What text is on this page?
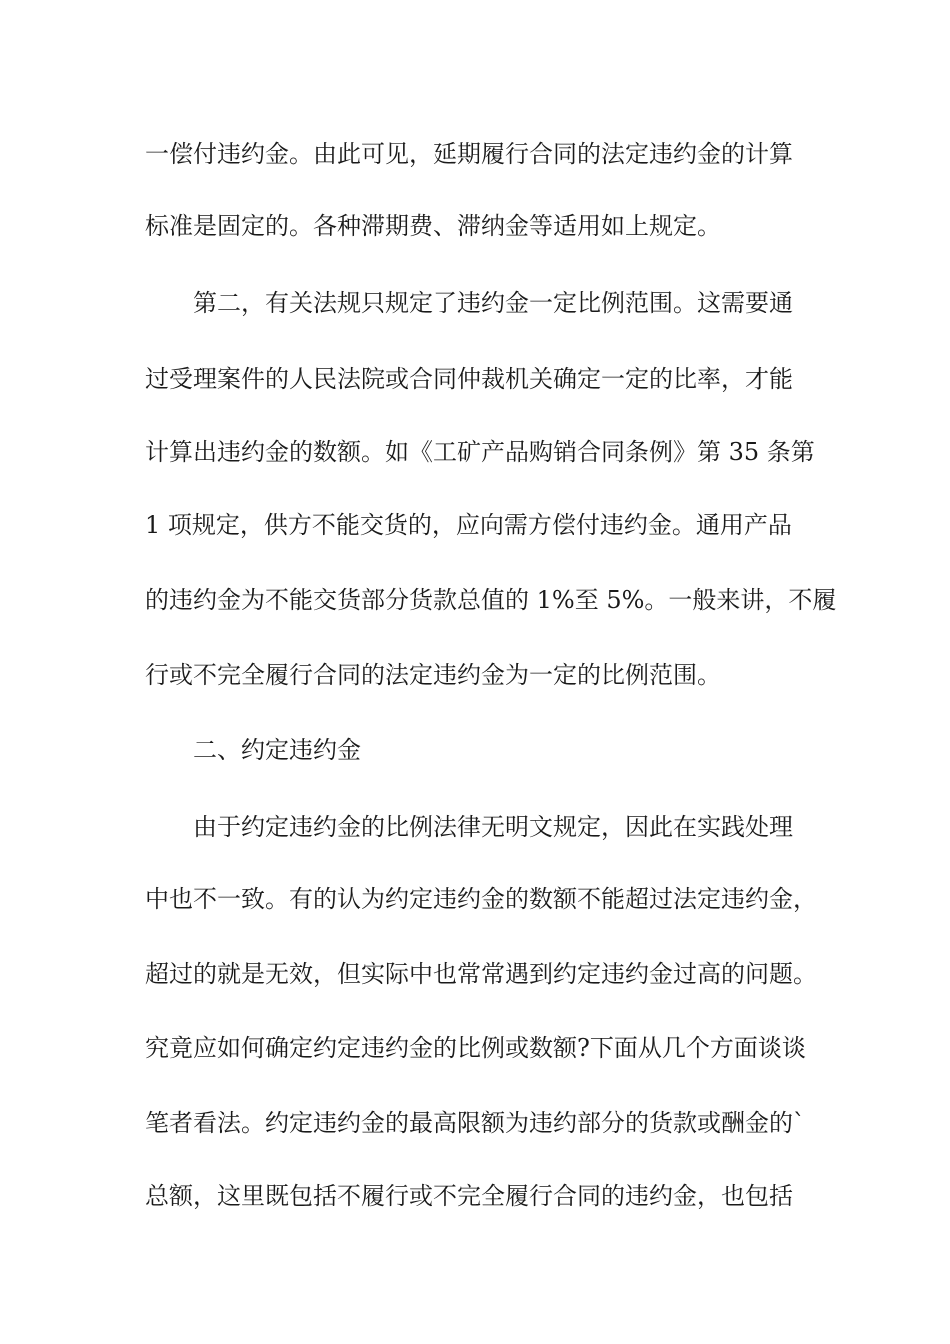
一偿付违约金。由此可见，延期履行合同的法定违约金的计算
标准是固定的。各种滞期费、滞纳金等适用如上规定。
　　第二，有关法规只规定了违约金一定比例范围。这需要通
过受理案件的人民法院或合同仲裁机关确定一定的比率，才能
计算出违约金的数额。如《工矿产品购销合同条例》第 35 条第
1 项规定，供方不能交货的，应向需方偿付违约金。通用产品
的违约金为不能交货部分货款总值的 1%至 5%。一般来讲，不履
行或不完全履行合同的法定违约金为一定的比例范围。
　　二、约定违约金
　　由于约定违约金的比例法律无明文规定，因此在实践处理
中也不一致。有的认为约定违约金的数额不能超过法定违约金，
超过的就是无效，但实际中也常常遇到约定违约金过高的问题。
究竟应如何确定约定违约金的比例或数额?下面从几个方面谈谈
笔者看法。约定违约金的最高限额为违约部分的货款或酬金的`
总额，这里既包括不履行或不完全履行合同的违约金，也包括
